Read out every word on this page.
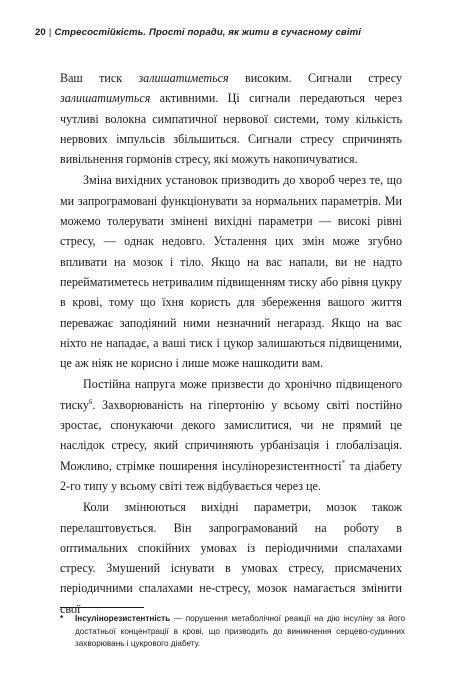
20 | Стресостійкість. Прості поради, як жити в сучасному світі

Ваш тиск залишатиметься високим. Сигнали стресу залишатимуться активними. Ці сигнали передаються через чутливі волокна симпатичної нервової системи, тому кількість нервових імпульсів збільшиться. Сигнали стресу спричинять вивільнення гормонів стресу, які можуть накопичуватися.

Зміна вихідних установок призводить до хвороб через те, що ми запрограмовані функціонувати за нормальних параметрів. Ми можемо толерувати змінені вихідні параметри — високі рівні стресу, — однак недовго. Усталення цих змін може згубно впливати на мозок і тіло. Якщо на вас напали, ви не надто перейматиметесь нетривалим підвищенням тиску або рівня цукру в крові, тому що їхня користь для збереження вашого життя переважає заподіяний ними незначний негаразд. Якщо на вас ніхто не нападає, а ваші тиск і цукор залишаються підвищеними, це аж ніяк не корисно і лише може нашкодити вам.

Постійна напруга може призвести до хронічно підвищеного тиску$^6$. Захворюваність на гіпертонію у всьому світі постійно зростає, спонукаючи декого замислитися, чи не прямий це наслідок стресу, який спричиняють урбанізація і глобалізація. Можливо, стрімке поширення інсулінорезистентності* та діабету 2-го типу у всьому світі теж відбувається через це.

Коли змінюються вихідні параметри, мозок також перелаштовується. Він запрограмований на роботу в оптимальних спокійних умовах із періодичними спалахами стресу. Змушений існувати в умовах стресу, присмачених періодичними спалахами не-стресу, мозок намагається змінити свої

* Інсулінорезистентність — порушення метаболічної реакції на дію інсуліну за його достатньої концентрації в крові, що призводить до виникнення серцево-судинних захворювань і цукрового діабету.
